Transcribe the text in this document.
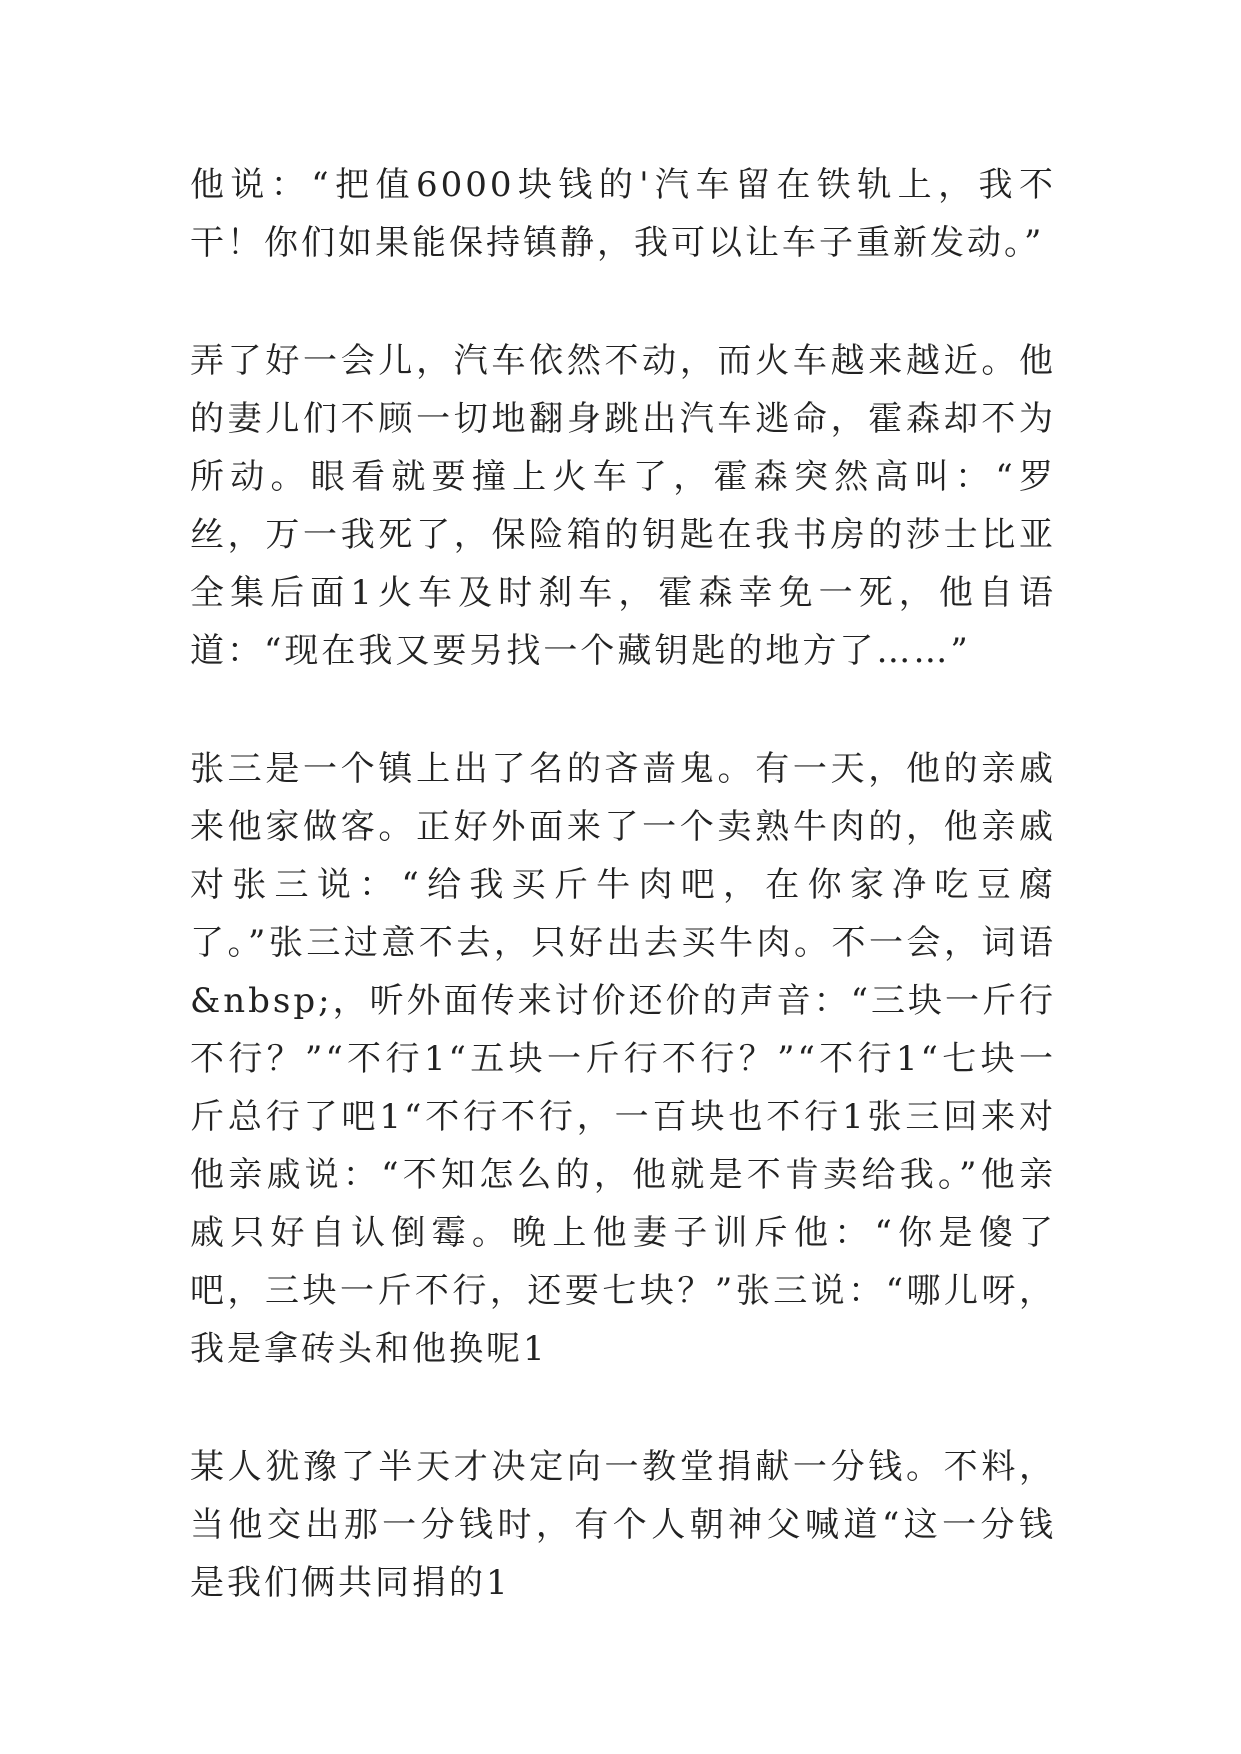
他说：“把值6000块钱的'汽车留在铁轨上，我不干！你们如果能保持镇静，我可以让车子重新发动。”

弄了好一会儿，汽车依然不动，而火车越来越近。他的妻儿们不顾一切地翻身跳出汽车逃命，霍森却不为所动。眼看就要撞上火车了，霍森突然高叫：“罗丝，万一我死了，保险箱的钥匙在我书房的莎士比亚全集后面1火车及时刹车，霍森幸免一死，他自语道：“现在我又要另找一个藏钥匙的地方了……”

张三是一个镇上出了名的吝啬鬼。有一天，他的亲戚来他家做客。正好外面来了一个卖熟牛肉的，他亲戚对张三说：“给我买斤牛肉吧，在你家净吃豆腐了。”张三过意不去，只好出去买牛肉。不一会，词语&nbsp;，听外面传来讨价还价的声音：“三块一斤行不行？”“不行1“五块一斤行不行？”“不行1“七块一斤总行了吧1“不行不行，一百块也不行1张三回来对他亲戚说：“不知怎么的，他就是不肯卖给我。”他亲戚只好自认倒霉。晚上他妻子训斥他：“你是傻了吧，三块一斤不行，还要七块？”张三说：“哪儿呀，我是拿砖头和他换呢1

某人犹豫了半天才决定向一教堂捐献一分钱。不料，当他交出那一分钱时，有个人朝神父喊道“这一分钱是我们俩共同捐的1
